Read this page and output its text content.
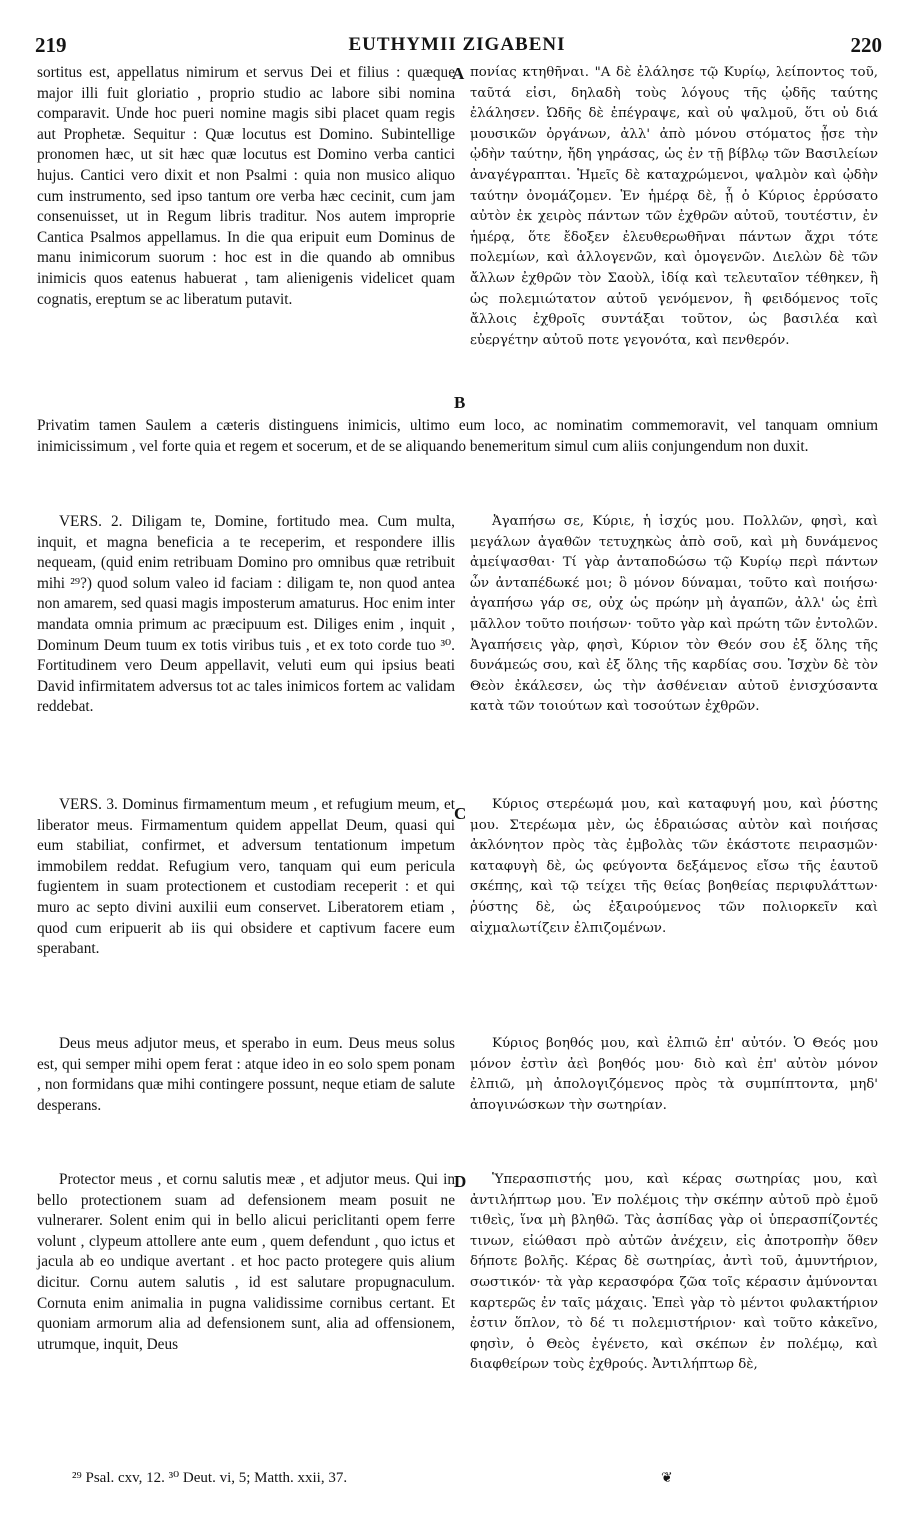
219	EUTHYMII ZIGABENI	220

sortitus est, appellatus nimirum et servus Dei et filius : quæque major illi fuit gloriatio , proprio studio ac labore sibi nomina comparavit. Unde hoc pueri nomine magis sibi placet quam regis aut Prophetæ. Sequitur : Quæ locutus est Domino. Subintellige pronomen hæc, ut sit hæc quæ locutus est Domino verba cantici hujus. Cantici vero dixit et non Psalmi : quia non musico aliquo cum instrumento, sed ipso tantum ore verba hæc cecinit, cum jam consenuisset, ut in Regum libris traditur. Nos autem improprie Cantica Psalmos appellamus. In die qua eripuit eum Dominus de manu inimicorum suorum : hoc est in die quando ab omnibus inimicis quos eatenus habuerat , tam alienigenis videlicet quam cognatis, ereptum se ac liberatum putavit.

πονίας κτηθῆναι. "Α δὲ ἐλάλησε τῷ Κυρίῳ, λείποντος τοῦ, ταῦτά εἰσι, δηλαδὴ τοὺς λόγους τῆς ᾠδῆς ταύτης ἐλάλησεν. Ὠδῆς δὲ ἐπέγραψε, καὶ οὐ ψαλμοῦ, ὅτι οὐ διά μουσικῶν ὀργάνων, ἀλλ' ἀπὸ μόνου στόματος ᾖσε τὴν ᾠδὴν ταύτην, ἤδη γηράσας, ὡς ἐν τῇ βίβλῳ τῶν Βασιλείων ἀναγέγραπται. Ἡμεῖς δὲ καταχρώμενοι, ψαλμὸν καὶ ᾠδὴν ταύτην ὀνομάζομεν. Ἐν ἡμέρᾳ δὲ, ᾗ ὁ Κύριος ἐρρύσατο αὐτὸν ἐκ χειρὸς πάντων τῶν ἐχθρῶν αὐτοῦ, τουτέστιν, ἐν ἡμέρᾳ, ὅτε ἔδοξεν ἐλευθερωθῆναι πάντων ἄχρι τότε πολεμίων, καὶ ἀλλογενῶν, καὶ ὁμογενῶν. Διελὼν δὲ τῶν ἄλλων ἐχθρῶν τὸν Σαοὺλ, ἰδίᾳ καὶ τελευταῖον τέθηκεν, ἢ ὡς πολεμιώτατον αὐτοῦ γενόμενον, ἢ φειδόμενος τοῖς ἄλλοις ἐχθροῖς συντάξαι τοῦτον, ὡς βασιλέα καὶ εὐεργέτην αὐτοῦ ποτε γεγονότα, καὶ πενθερόν.

Privatim tamen Saulem a cæteris distinguens inimicis, ultimo eum loco, ac nominatim commemoravit, vel tanquam omnium inimicissimum , vel forte quia et regem et socerum, et de se aliquando benemeritum simul cum aliis conjungendum non duxit.

VERS. 2. Diligam te, Domine, fortitudo mea. Cum multa, inquit, et magna beneficia a te receperim, et respondere illis nequeam, (quid enim retribuam Domino pro omnibus quæ retribuit mihi ²⁹?) quod solum valeo id faciam : diligam te, non quod antea non amarem, sed quasi magis imposterum amaturus. Hoc enim inter mandata omnia primum ac præcipuum est. Diliges enim , inquit , Dominum Deum tuum ex totis viribus tuis , et ex toto corde tuo ³⁰. Fortitudinem vero Deum appellavit, veluti eum qui ipsius beati David infirmitatem adversus tot ac tales inimicos fortem ac validam reddebat.

Ἀγαπήσω σε, Κύριε, ἡ ἰσχύς μου. Πολλῶν, φησὶ, καὶ μεγάλων ἀγαθῶν τετυχηκὼς ἀπὸ σοῦ, καὶ μὴ δυνάμενος ἀμείψασθαι· Τί γὰρ ἀνταποδώσω τῷ Κυρίῳ περὶ πάντων ὧν ἀνταπέδωκέ μοι; ὃ μόνον δύναμαι, τοῦτο καὶ ποιήσω· ἀγαπήσω γάρ σε, οὐχ ὡς πρώην μὴ ἀγαπῶν, ἀλλ' ὡς ἐπὶ μᾶλλον τοῦτο ποιήσων· τοῦτο γὰρ καὶ πρώτη τῶν ἐντολῶν. Ἀγαπήσεις γὰρ, φησὶ, Κύριον τὸν Θεόν σου ἐξ ὅλης τῆς δυνάμεώς σου, καὶ ἐξ ὅλης τῆς καρδίας σου. Ἰσχὺν δὲ τὸν Θεὸν ἐκάλεσεν, ὡς τὴν ἀσθένειαν αὐτοῦ ἐνισχύσαντα κατὰ τῶν τοιούτων καὶ τοσούτων ἐχθρῶν.

VERS. 3. Dominus firmamentum meum , et refugium meum, et liberator meus. Firmamentum quidem appellat Deum, quasi qui eum stabiliat, confirmet, et adversum tentationum impetum immobilem reddat. Refugium vero, tanquam qui eum pericula fugientem in suam protectionem et custodiam receperit : et qui muro ac septo divini auxilii eum conservet. Liberatorem etiam , quod cum eripuerit ab iis qui obsidere et captivum facere eum sperabant.

Κύριος στερέωμά μου, καὶ καταφυγή μου, καὶ ῥύστης μου. Στερέωμα μὲν, ὡς ἑδραιώσας αὐτὸν καὶ ποιήσας ἀκλόνητον πρὸς τὰς ἐμβολὰς τῶν ἑκάστοτε πειρασμῶν· καταφυγὴ δὲ, ὡς φεύγοντα δεξάμενος εἴσω τῆς ἑαυτοῦ σκέπης, καὶ τῷ τείχει τῆς θείας βοηθείας περιφυλάττων· ῥύστης δὲ, ὡς ἐξαιρούμενος τῶν πολιορκεῖν καὶ αἰχμαλωτίζειν ἐλπιζομένων.

Deus meus adjutor meus, et sperabo in eum. Deus meus solus est, qui semper mihi opem ferat : atque ideo in eo solo spem ponam , non formidans quæ mihi contingere possunt, neque etiam de salute desperans.

Κύριος βοηθός μου, καὶ ἐλπιῶ ἐπ' αὐτόν. Ὁ Θεός μου μόνον ἐστὶν ἀεὶ βοηθός μου· διὸ καὶ ἐπ' αὐτὸν μόνον ἐλπιῶ, μὴ ἀπολογιζόμενος πρὸς τὰ συμπίπτοντα, μηδ' ἀπογινώσκων τὴν σωτηρίαν.

Protector meus , et cornu salutis meæ , et adjutor meus. Qui in bello protectionem suam ad defensionem meam posuit ne vulnerarer. Solent enim qui in bello alicui periclitanti opem ferre volunt , clypeum attollere ante eum , quem defendunt , quo ictus et jacula ab eo undique avertant . et hoc pacto protegere quis alium dicitur. Cornu autem salutis , id est salutare propugnaculum. Cornuta enim animalia in pugna validissime cornibus certant. Et quoniam armorum alia ad defensionem sunt, alia ad offensionem, utrumque, inquit, Deus

Ὑπερασπιστής μου, καὶ κέρας σωτηρίας μου, καὶ ἀντιλήπτωρ μου. Ἐν πολέμοις τὴν σκέπην αὐτοῦ πρὸ ἐμοῦ τιθεὶς, ἵνα μὴ βληθῶ. Τὰς ἀσπίδας γὰρ οἱ ὑπερασπίζοντές τινων, εἰώθασι πρὸ αὐτῶν ἀνέχειν, εἰς ἀποτροπὴν ὅθεν δήποτε βολῆς. Κέρας δὲ σωτηρίας, ἀντὶ τοῦ, ἀμυντήριον, σωστικόν· τὰ γὰρ κερασφόρα ζῶα τοῖς κέρασιν ἀμύνονται καρτερῶς ἐν ταῖς μάχαις. Ἐπεὶ γὰρ τὸ μέντοι φυλακτήριον ἐστιν ὅπλον, τὸ δέ τι πολεμιστήριον· καὶ τοῦτο κἀκεῖνο, φησὶν, ὁ Θεὸς ἐγένετο, καὶ σκέπων ἐν πολέμῳ, καὶ διαφθείρων τοὺς ἐχθρούς. Ἀντιλήπτωρ δὲ,

A
B
C
D
²⁹ Psal. cxv, 12. ³⁰ Deut. vi, 5; Matth. xxii, 37.	❦
